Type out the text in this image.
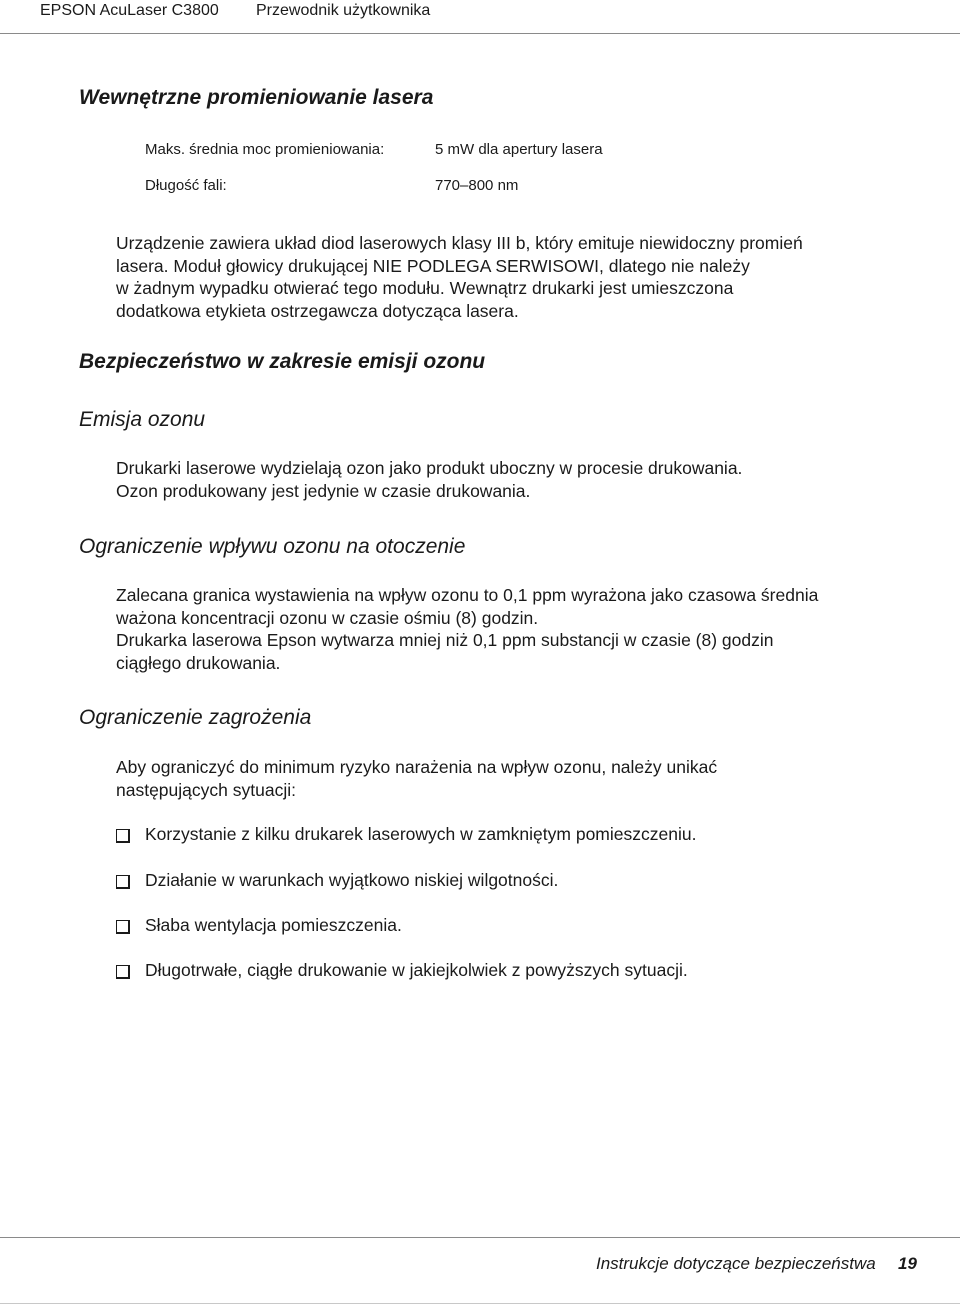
EPSON AcuLaser C3800 Przewodnik użytkownika
Wewnętrzne promieniowanie lasera
Maks. średnia moc promieniowania:	5 mW dla apertury lasera
Długość fali:	770–800 nm

Urządzenie zawiera układ diod laserowych klasy III b, który emituje niewidoczny promień
lasera. Moduł głowicy drukującej NIE PODLEGA SERWISOWI, dlatego nie należy
w żadnym wypadku otwierać tego modułu. Wewnątrz drukarki jest umieszczona
dodatkowa etykieta ostrzegawcza dotycząca lasera.

Bezpieczeństwo w zakresie emisji ozonu
Emisja ozonu

Drukarki laserowe wydzielają ozon jako produkt uboczny w procesie drukowania.
Ozon produkowany jest jedynie w czasie drukowania.

Ograniczenie wpływu ozonu na otoczenie

Zalecana granica wystawienia na wpływ ozonu to 0,1 ppm wyrażona jako czasowa średnia
ważona koncentracji ozonu w czasie ośmiu (8) godzin.
Drukarka laserowa Epson wytwarza mniej niż 0,1 ppm substancji w czasie (8) godzin
ciągłego drukowania.

Ograniczenie zagrożenia

Aby ograniczyć do minimum ryzyko narażenia na wpływ ozonu, należy unikać
następujących sytuacji:

Korzystanie z kilku drukarek laserowych w zamkniętym pomieszczeniu.
Działanie w warunkach wyjątkowo niskiej wilgotności.
Słaba wentylacja pomieszczenia.
Długotrwałe, ciągłe drukowanie w jakiejkolwiek z powyższych sytuacji.
Instrukcje dotyczące bezpieczeństwa 19
